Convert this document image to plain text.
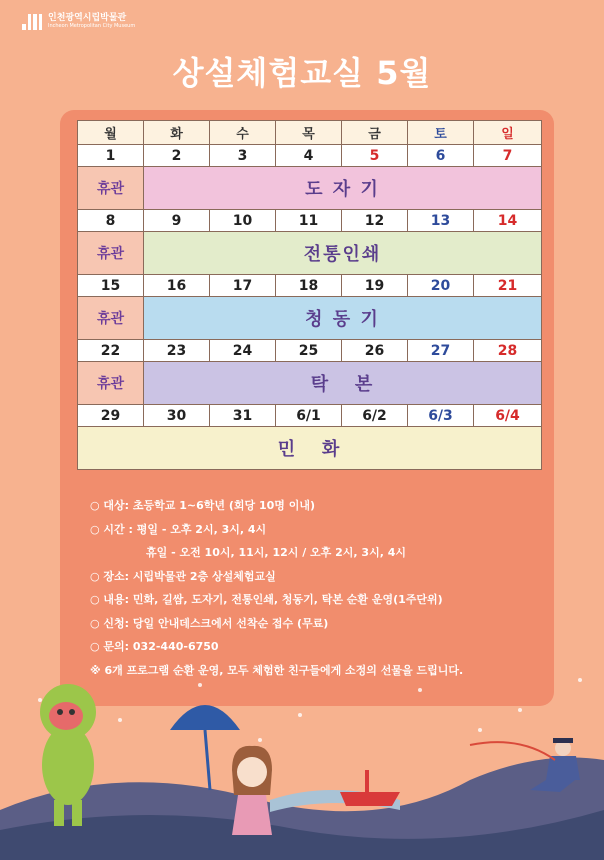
인천광역시립박물관
Incheon Metropolitan City Museum
상설체험교실 5월
월	화	수	목	금	토	일
1	2	3	4	5	6	7
휴관	도 자 기					
8	9	10	11	12	13	14
휴관	전통인쇄					
15	16	17	18	19	20	21
휴관	청 동 기					
22	23	24	25	26	27	28
휴관	탁   본					
29	30	31	6/1	6/2	6/3	6/4
민   화						
○ 대상: 초등학교 1~6학년 (회당 10명 이내)
○ 시간 : 평일 - 오후 2시, 3시, 4시
휴일 - 오전 10시, 11시, 12시 / 오후 2시, 3시, 4시
○ 장소: 시립박물관 2층 상설체험교실
○ 내용: 민화, 길쌈, 도자기, 전통인쇄, 청동기, 탁본 순환 운영(1주단위)
○ 신청: 당일 안내데스크에서 선착순 접수 (무료)
○ 문의: 032-440-6750
※ 6개 프로그램 순환 운영, 모두 체험한 친구들에게 소정의 선물을 드립니다.
